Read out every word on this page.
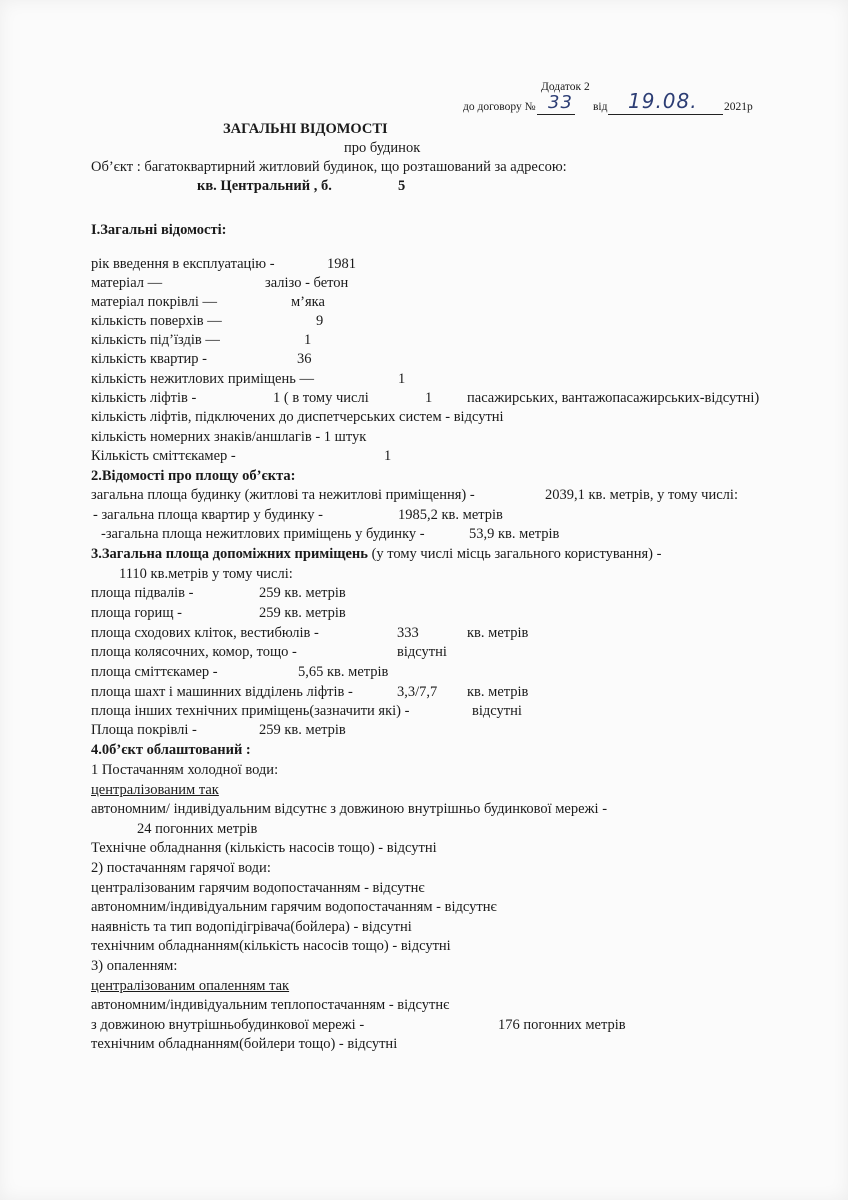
Додаток 2
до договору № 33 від 19.08. 2021р
ЗАГАЛЬНІ ВІДОМОСТІ
про будинок
Об’єкт : багатоквартирний житловий будинок, що розташований за адресою:
кв. Центральний , б.	5
І.Загальні відомості:
рік введення в експлуатацію -	1981
матеріал —	залізо - бетон
матеріал покрівлі —	м’яка
кількість поверхів —	9
кількість під’їздів —	1
кількість квартир -	36
кількість нежитлових приміщень —	1
кількість ліфтів -	1 ( в тому числі	1 пасажирських, вантажопасажирських-відсутні)
кількість ліфтів, підключених до диспетчерських систем - відсутні
кількість номерних знаків/аншлагів - 1 штук
Кількість сміттєкамер -	1
2.Відомості про площу об’єкта:
загальна площа будинку (житлові та нежитлові приміщення) -	2039,1 кв. метрів, у тому числі:
- загальна площа квартир у будинку -	1985,2 кв. метрів
-загальна площа нежитлових приміщень у будинку -	53,9 кв. метрів
3.Загальна площа допоміжних приміщень (у тому числі місць загального користування) -
1110 кв.метрів у тому числі:
площа підвалів -	259 кв. метрів
площа горищ -	259 кв. метрів
площа сходових кліток, вестибюлів -	333	кв. метрів
площа колясочних, комор, тощо -	відсутні
площа сміттєкамер -	5,65 кв. метрів
площа шахт і машинних відділень ліфтів -	3,3/7,7 кв. метрів
площа інших технічних приміщень(зазначити які) -	відсутні
Площа покрівлі -	259 кв. метрів
4.0б’єкт облаштований :
1 Постачанням холодної води:
централізованим так
автономним/ індивідуальним відсутнє з довжиною внутрішньо будинкової мережі -
24 погонних метрів
Технічне обладнання (кількість насосів тощо) - відсутні
2) постачанням гарячої води:
централізованим гарячим водопостачанням - відсутнє
автономним/індивідуальним гарячим водопостачанням - відсутнє
наявність та тип водопідігрівача(бойлера) - відсутні
технічним обладнанням(кількість насосів тощо) - відсутні
3) опаленням:
централізованим опаленням так
автономним/індивідуальним теплопостачанням - відсутнє
з довжиною внутрішньобудинкової мережі -	176 погонних метрів
технічним обладнанням(бойлери тощо) - відсутні
